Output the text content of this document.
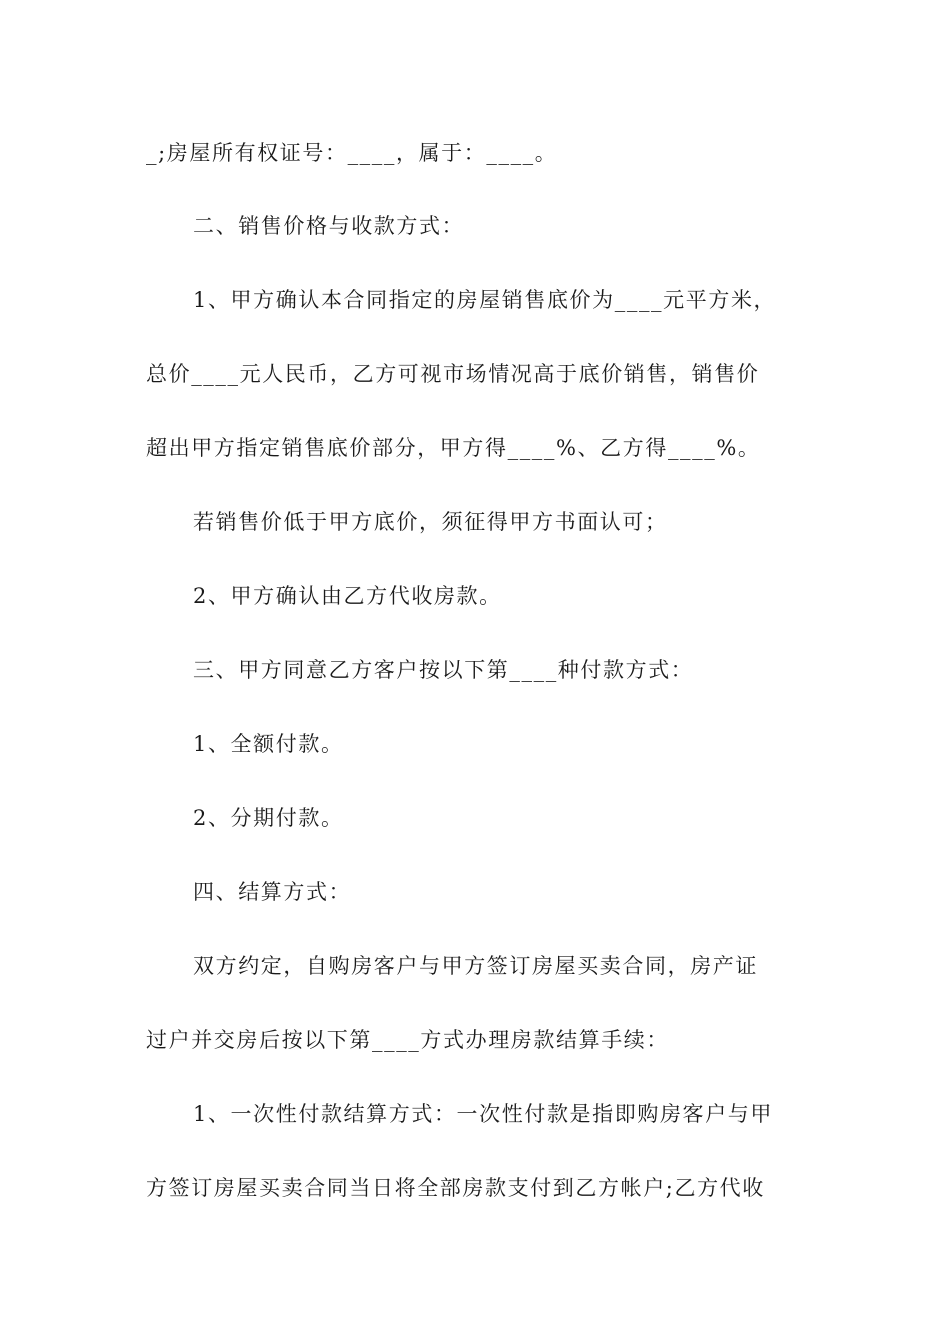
_;房屋所有权证号：____，属于：____。

二、销售价格与收款方式：

1、甲方确认本合同指定的房屋销售底价为____元平方米，

总价____元人民币，乙方可视市场情况高于底价销售，销售价

超出甲方指定销售底价部分，甲方得____%、乙方得____%。

若销售价低于甲方底价，须征得甲方书面认可；

2、甲方确认由乙方代收房款。

三、甲方同意乙方客户按以下第____种付款方式：

1、全额付款。

2、分期付款。

四、结算方式：

双方约定，自购房客户与甲方签订房屋买卖合同，房产证

过户并交房后按以下第____方式办理房款结算手续：

1、一次性付款结算方式：一次性付款是指即购房客户与甲

方签订房屋买卖合同当日将全部房款支付到乙方帐户;乙方代收
